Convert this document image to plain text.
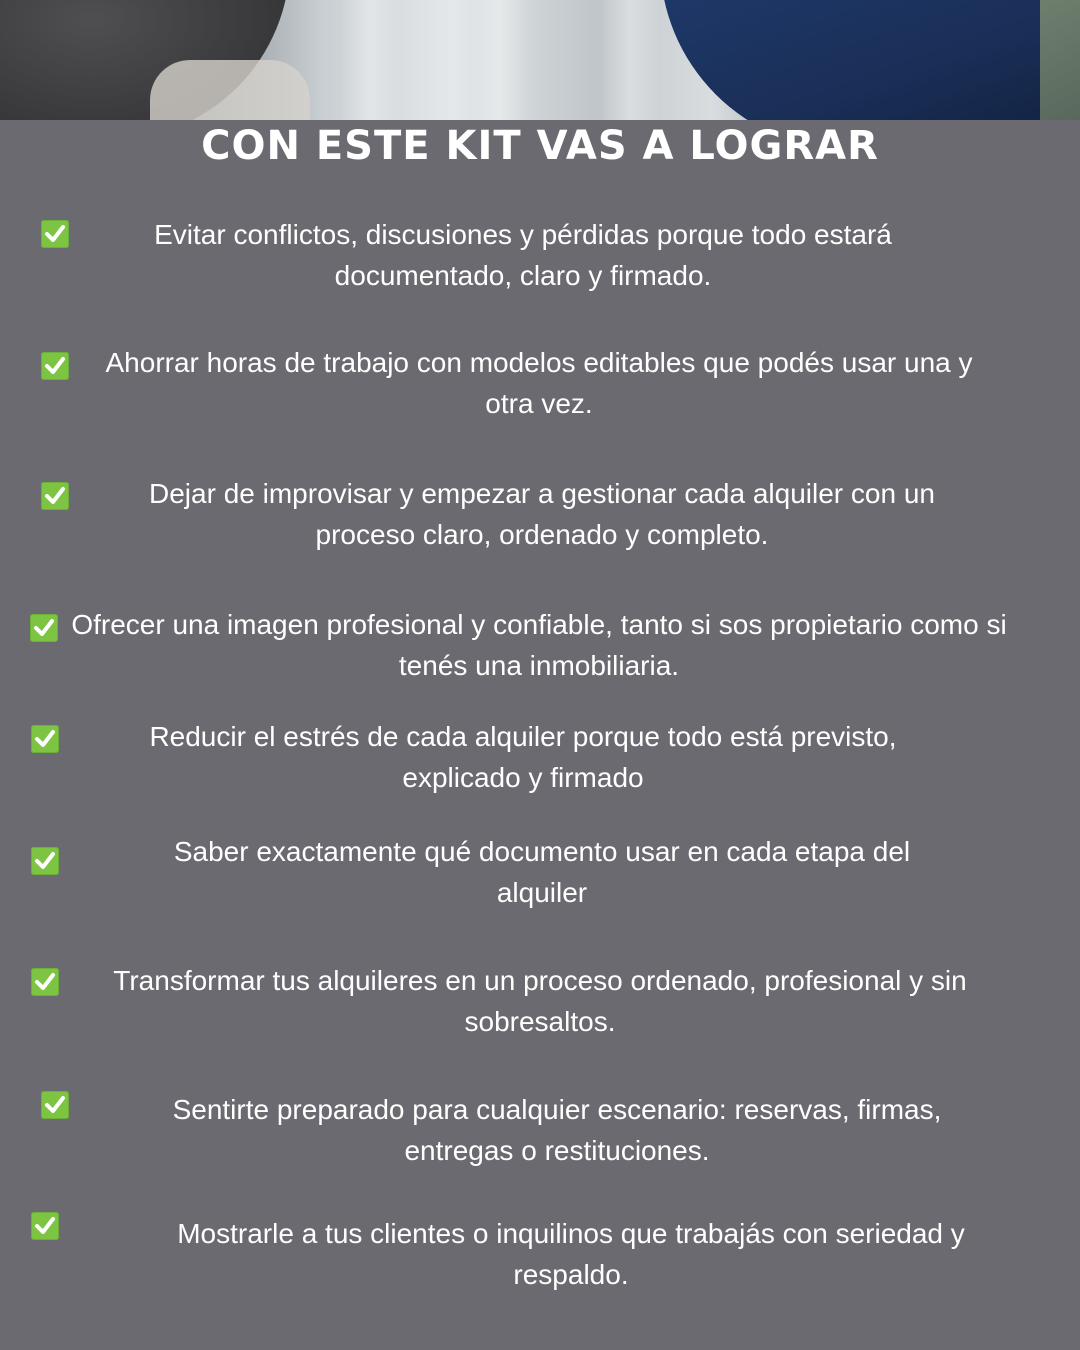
CON ESTE KIT VAS A LOGRAR

Evitar conflictos, discusiones y pérdidas porque todo estará documentado, claro y firmado.

Ahorrar horas de trabajo con modelos editables que podés usar una y otra vez.

Dejar de improvisar y empezar a gestionar cada alquiler con un proceso claro, ordenado y completo.

Ofrecer una imagen profesional y confiable, tanto si sos propietario como si tenés una inmobiliaria.

Reducir el estrés de cada alquiler porque todo está previsto, explicado y firmado

Saber exactamente qué documento usar en cada etapa del alquiler

Transformar tus alquileres en un proceso ordenado, profesional y sin sobresaltos.

Sentirte preparado para cualquier escenario: reservas, firmas, entregas o restituciones.

Mostrarle a tus clientes o inquilinos que trabajás con seriedad y respaldo.
